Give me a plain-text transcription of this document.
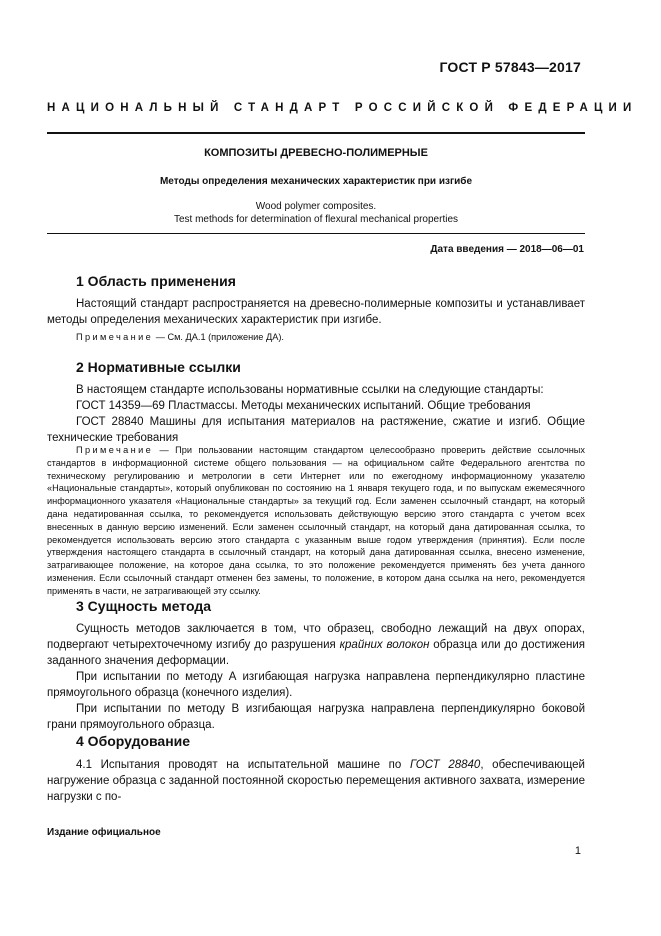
ГОСТ Р 57843—2017
НАЦИОНАЛЬНЫЙ СТАНДАРТ РОССИЙСКОЙ ФЕДЕРАЦИИ
КОМПОЗИТЫ ДРЕВЕСНО-ПОЛИМЕРНЫЕ
Методы определения механических характеристик при изгибе
Wood polymer composites.
Test methods for determination of flexural mechanical properties
Дата введения — 2018—06—01
1 Область применения
Настоящий стандарт распространяется на древесно-полимерные композиты и устанавливает методы определения механических характеристик при изгибе.
Примечание — См. ДА.1 (приложение ДА).
2 Нормативные ссылки
В настоящем стандарте использованы нормативные ссылки на следующие стандарты:
ГОСТ 14359—69 Пластмассы. Методы механических испытаний. Общие требования
ГОСТ 28840 Машины для испытания материалов на растяжение, сжатие и изгиб. Общие технические требования
Примечание — При пользовании настоящим стандартом целесообразно проверить действие ссылочных стандартов в информационной системе общего пользования — на официальном сайте Федерального агентства по техническому регулированию и метрологии в сети Интернет или по ежегодному информационному указателю «Национальные стандарты», который опубликован по состоянию на 1 января текущего года, и по выпускам ежемесячного информационного указателя «Национальные стандарты» за текущий год. Если заменен ссылочный стандарт, на который дана недатированная ссылка, то рекомендуется использовать действующую версию этого стандарта с учетом всех внесенных в данную версию изменений. Если заменен ссылочный стандарт, на который дана датированная ссылка, то рекомендуется использовать версию этого стандарта с указанным выше годом утверждения (принятия). Если после утверждения настоящего стандарта в ссылочный стандарт, на который дана датированная ссылка, внесено изменение, затрагивающее положение, на которое дана ссылка, то это положение рекомендуется применять без учета данного изменения. Если ссылочный стандарт отменен без замены, то положение, в котором дана ссылка на него, рекомендуется применять в части, не затрагивающей эту ссылку.
3 Сущность метода
Сущность методов заключается в том, что образец, свободно лежащий на двух опорах, подвергают четырехточечному изгибу до разрушения крайних волокон образца или до достижения заданного значения деформации.
При испытании по методу А изгибающая нагрузка направлена перпендикулярно пластине прямоугольного образца (конечного изделия).
При испытании по методу В изгибающая нагрузка направлена перпендикулярно боковой грани прямоугольного образца.
4 Оборудование
4.1 Испытания проводят на испытательной машине по ГОСТ 28840, обеспечивающей нагружение образца с заданной постоянной скоростью перемещения активного захвата, измерение нагрузки с по-
Издание официальное
1
